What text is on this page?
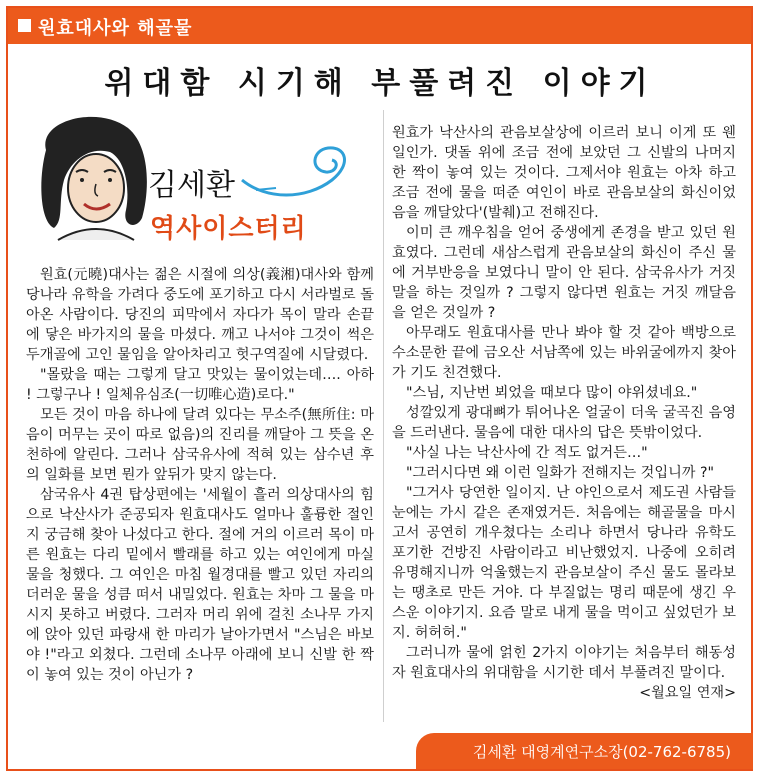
원효대사와 해골물
위대함 시기해 부풀려진 이야기
김세환
역사이스터리

원효(元曉)대사는 젊은 시절에 의상(義湘)대사와 함께 당나라 유학을 가려다 중도에 포기하고 다시 서라벌로 돌아온 사람이다. 당진의 피막에서 자다가 목이 말라 손끝에 닿은 바가지의 물을 마셨다. 깨고 나서야 그것이 썩은 두개골에 고인 물임을 알아차리고 헛구역질에 시달렸다.

"몰랐을 때는 그렇게 달고 맛있는 물이었는데…. 아하 ! 그렇구나 ! 일체유심조(一切唯心造)로다."

모든 것이 마음 하나에 달려 있다는 무소주(無所住: 마음이 머무는 곳이 따로 없음)의 진리를 깨달아 그 뜻을 온 천하에 알린다. 그러나 삼국유사에 적혀 있는 삼수년 후의 일화를 보면 뭔가 앞뒤가 맞지 않는다.

삼국유사 4권 탑상편에는 '세월이 흘러 의상대사의 힘으로 낙산사가 준공되자 원효대사도 얼마나 훌륭한 절인지 궁금해 찾아 나섰다고 한다. 절에 거의 이르러 목이 마른 원효는 다리 밑에서 빨래를 하고 있는 여인에게 마실 물을 청했다. 그 여인은 마침 월경대를 빨고 있던 자리의 더러운 물을 성큼 떠서 내밀었다. 원효는 차마 그 물을 마시지 못하고 버렸다. 그러자 머리 위에 걸친 소나무 가지에 앉아 있던 파랑새 한 마리가 날아가면서 "스님은 바보야 !"라고 외쳤다. 그런데 소나무 아래에 보니 신발 한 짝이 놓여 있는 것이 아닌가 ?

원효가 낙산사의 관음보살상에 이르러 보니 이게 또 웬일인가. 댓돌 위에 조금 전에 보았던 그 신발의 나머지 한 짝이 놓여 있는 것이다. 그제서야 원효는 아차 하고 조금 전에 물을 떠준 여인이 바로 관음보살의 화신이었음을 깨달았다'(발췌)고 전해진다.

이미 큰 깨우침을 얻어 중생에게 존경을 받고 있던 원효였다. 그런데 새삼스럽게 관음보살의 화신이 주신 물에 거부반응을 보였다니 말이 안 된다. 삼국유사가 거짓말을 하는 것일까 ? 그렇지 않다면 원효는 거짓 깨달음을 얻은 것일까 ?

아무래도 원효대사를 만나 봐야 할 것 같아 백방으로 수소문한 끝에 금오산 서남쪽에 있는 바위굴에까지 찾아가 기도 친견했다.

"스님, 지난번 뵈었을 때보다 많이 야위셨네요."

성깔있게 광대뼈가 튀어나온 얼굴이 더욱 굴곡진 음영을 드러낸다. 물음에 대한 대사의 답은 뜻밖이었다.

"사실 나는 낙산사에 간 적도 없거든…"

"그러시다면 왜 이런 일화가 전해지는 것입니까 ?"

"그거사 당연한 일이지. 난 야인으로서 제도권 사람들 눈에는 가시 같은 존재였거든. 처음에는 해골물을 마시고서 공연히 개우쳤다는 소리나 하면서 당나라 유학도 포기한 건방진 사람이라고 비난했었지. 나중에 오히려 유명해지니까 억울했는지 관음보살이 주신 물도 몰라보는 땡초로 만든 거야. 다 부질없는 명리 때문에 생긴 우스운 이야기지. 요즘 말로 내게 물을 먹이고 싶었던가 보지. 허허허."

그러니까 물에 얽힌 2가지 이야기는 처음부터 해동성자 원효대사의 위대함을 시기한 데서 부풀려진 말이다.

<월요일 연재>
김세환 대영계연구소장(02-762-6785)
